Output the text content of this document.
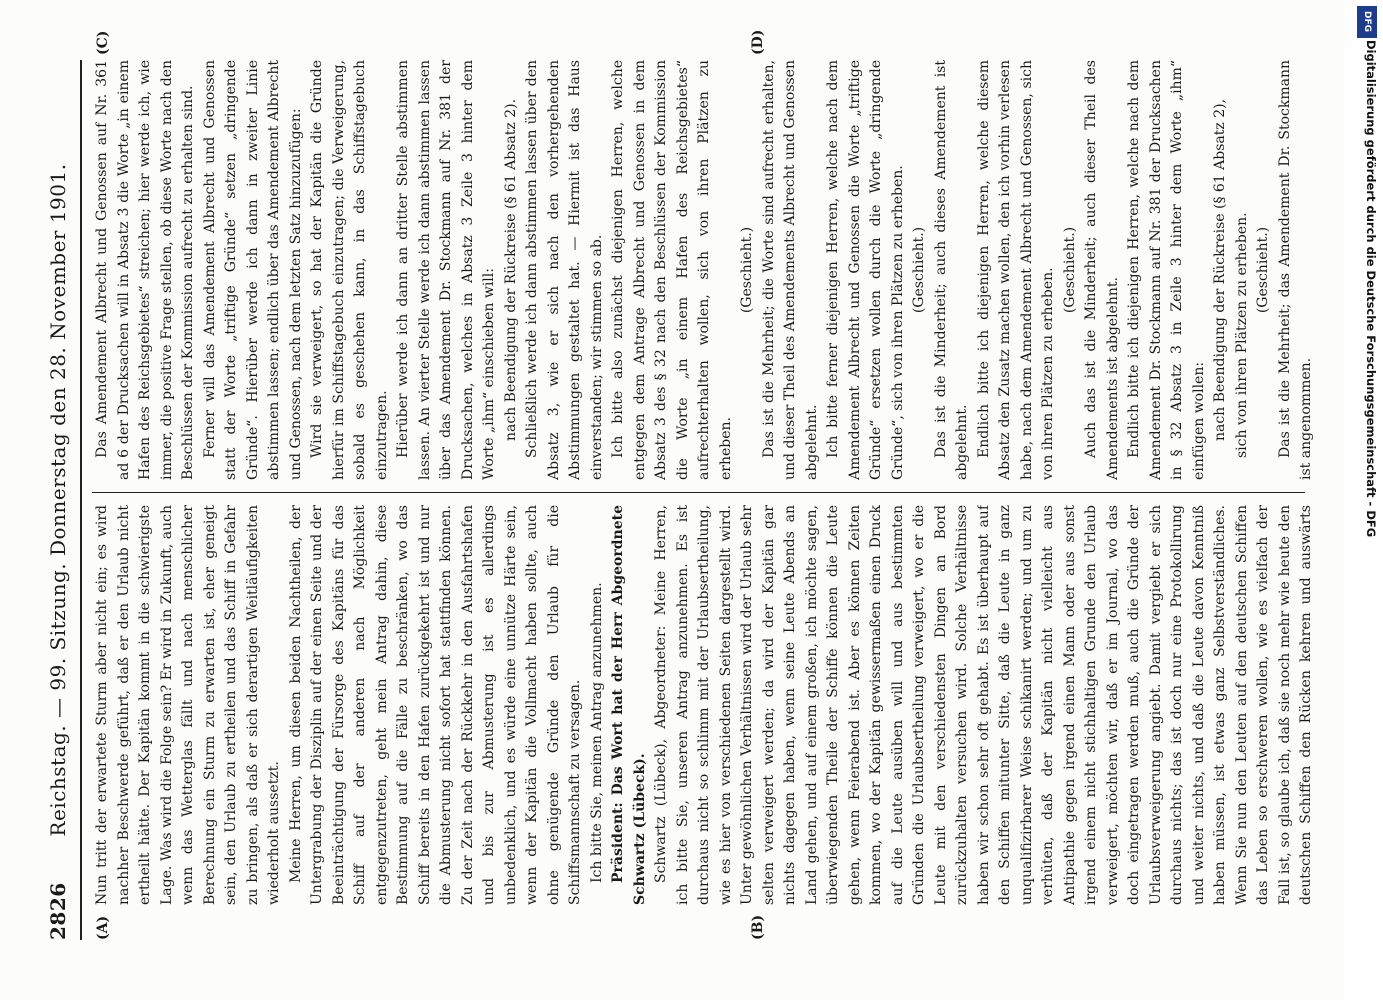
2826
Reichstag. — 99. Sitzung. Donnerstag den 28. November 1901.
(A)	(B)
(C)	(D)

Nun tritt der erwartete Sturm aber nicht ein; es wird nachher Beschwerde geführt, daß er den Urlaub nicht ertheilt hätte. Der Kapitän kommt in die schwierigste Lage. Was wird die Folge sein? Er wird in Zukunft, auch wenn das Wetterglas fällt und nach menschlicher Berechnung ein Sturm zu erwarten ist, eher geneigt sein, den Urlaub zu ertheilen und das Schiff in Gefahr zu bringen, als daß er sich derartigen Weitläufigkeiten wiederholt aussetzt. Meine Herren, um diesen beiden Nachtheilen, der Untergrabung der Disziplin auf der einen Seite und der Beeinträchtigung der Fürsorge des Kapitäns für das Schiff auf der anderen nach Möglichkeit entgegenzutreten, geht mein Antrag dahin, diese Bestimmung auf die Fälle zu beschränken, wo das Schiff bereits in den Hafen zurückgekehrt ist und nur die Abmusterung nicht sofort hat stattfinden können. Zu der Zeit nach der Rückkehr in den Ausfahrtshafen und bis zur Abmusterung ist es allerdings unbedenklich, und es würde eine unnütze Härte sein, wenn der Kapitän die Vollmacht haben sollte, auch ohne genügende Gründe den Urlaub für die Schiffsmannschaft zu versagen. Ich bitte Sie, meinen Antrag anzunehmen. Präsident: Das Wort hat der Herr Abgeordnete Schwartz (Lübeck). Schwartz (Lübeck), Abgeordneter: Meine Herren, ich bitte Sie, unseren Antrag anzunehmen. Es ist durchaus nicht so schlimm mit der Urlaubsertheilung, wie es hier von verschiedenen Seiten dargestellt wird. Unter gewöhnlichen Verhältnissen wird der Urlaub sehr selten verweigert werden; da wird der Kapitän gar nichts dagegen haben, wenn seine Leute Abends an Land gehen, und auf einem großen, ich möchte sagen, überwiegenden Theile der Schiffe können die Leute gehen, wenn Feierabend ist. Aber es können Zeiten kommen, wo der Kapitän gewissermaßen einen Druck auf die Leute ausüben will und aus bestimmten Gründen die Urlaubsertheilung verweigert, wo er die Leute mit den verschiedensten Dingen an Bord zurückzuhalten versuchen wird. Solche Verhältnisse haben wir schon sehr oft gehabt. Es ist überhaupt auf den Schiffen mitunter Sitte, daß die Leute in ganz unqualifizirbarer Weise schikanirt werden; und um zu verhüten, daß der Kapitän nicht vielleicht aus Antipathie gegen irgend einen Mann oder aus sonst irgend einem nicht stichhaltigen Grunde den Urlaub verweigert, möchten wir, daß er im Journal, wo das doch eingetragen werden muß, auch die Gründe der Urlaubsverweigerung angiebt. Damit vergiebt er sich durchaus nichts; das ist doch nur eine Protokollirung und weiter nichts, und daß die Leute davon Kenntniß haben müssen, ist etwas ganz Selbstverständliches. Wenn Sie nun den Leuten auf den deutschen Schiffen das Leben so erschweren wollen, wie es vielfach der Fall ist, so glaube ich, daß sie noch mehr wie heute den deutschen Schiffen den Rücken kehren und auswärts

Das Amendement Albrecht und Genossen auf Nr. 361 ad 6 der Drucksachen will in Absatz 3 die Worte „in einem Hafen des Reichsgebietes“ streichen; hier werde ich, wie immer, die positive Frage stellen, ob diese Worte nach den Beschlüssen der Kommission aufrecht zu erhalten sind. Ferner will das Amendement Albrecht und Genossen statt der Worte „triftige Gründe“ setzen „dringende Gründe“. Hierüber werde ich dann in zweiter Linie abstimmen lassen; endlich über das Amendement Albrecht und Genossen, nach dem letzten Satz hinzuzufügen: Wird sie verweigert, so hat der Kapitän die Gründe hierfür im Schiffstagebuch einzutragen; die Verweigerung, sobald es geschehen kann, in das Schiffstagebuch einzutragen. Hierüber werde ich dann an dritter Stelle abstimmen lassen. An vierter Stelle werde ich dann abstimmen lassen über das Amendement Dr. Stockmann auf Nr. 381 der Drucksachen, welches in Absatz 3 Zeile 3 hinter dem Worte „ihm“ einschieben will: nach Beendigung der Rückreise (§ 61 Absatz 2). Schließlich werde ich dann abstimmen lassen über den Absatz 3, wie er sich nach den vorhergehenden Abstimmungen gestaltet hat. — Hiermit ist das Haus einverstanden; wir stimmen so ab. Ich bitte also zunächst diejenigen Herren, welche entgegen dem Antrage Albrecht und Genossen in dem Absatz 3 des § 32 nach den Beschlüssen der Kommission die Worte „in einem Hafen des Reichsgebietes“ aufrechterhalten wollen, sich von ihren Plätzen zu erheben.

(Geschieht.) Das ist die Mehrheit; die Worte sind aufrecht erhalten, und dieser Theil des Amendements Albrecht und Genossen abgelehnt. Ich bitte ferner diejenigen Herren, welche nach dem Amendement Albrecht und Genossen die Worte „triftige Gründe“ ersetzen wollen durch die Worte „dringende Gründe“, sich von ihren Plätzen zu erheben. (Geschieht.) Das ist die Minderheit; auch dieses Amendement ist abgelehnt. Endlich bitte ich diejenigen Herren, welche diesem Absatz den Zusatz machen wollen, den ich vorhin verlesen habe, nach dem Amendement Albrecht und Genossen, sich von ihren Plätzen zu erheben. (Geschieht.) Auch das ist die Minderheit; auch dieser Theil des Amendements ist abgelehnt. Endlich bitte ich diejenigen Herren, welche nach dem Amendement Dr. Stockmann auf Nr. 381 der Drucksachen in § 32 Absatz 3 in Zeile 3 hinter dem Worte „ihm“ einfügen wollen: nach Beendigung der Rückreise (§ 61 Absatz 2), sich von ihren Plätzen zu erheben. (Geschieht.) Das ist die Mehrheit; das Amendement Dr. Stockmann ist angenommen.

DFG
Digitalisierung gefördert durch die Deutsche Forschungsgemeinschaft - DFG
